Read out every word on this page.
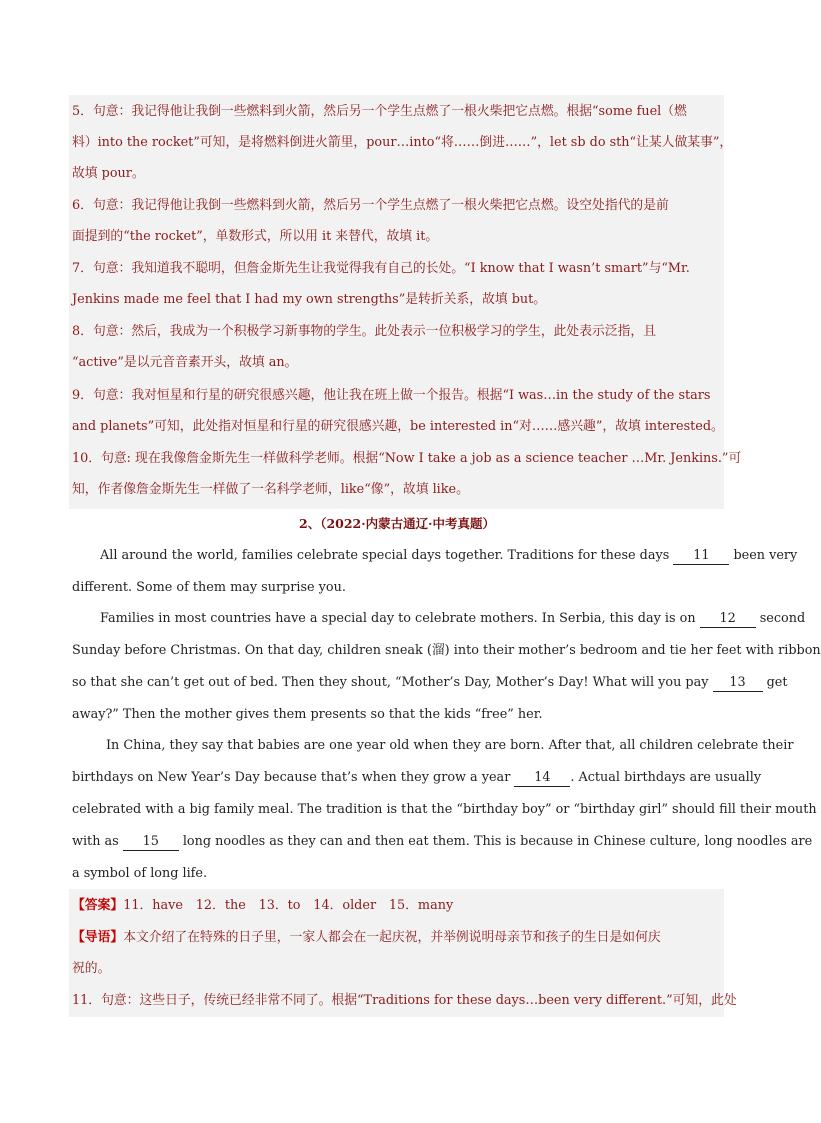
5．句意：我记得他让我倒一些燃料到火箭，然后另一个学生点燃了一根火柴把它点燃。根据“some fuel（燃
料）into the rocket”可知，是将燃料倒进火箭里，pour…into“将……倒进……”，let sb do sth“让某人做某事”，
故填 pour。
6．句意：我记得他让我倒一些燃料到火箭，然后另一个学生点燃了一根火柴把它点燃。设空处指代的是前
面提到的“the rocket”，单数形式，所以用 it 来替代，故填 it。
7．句意：我知道我不聪明，但詹金斯先生让我觉得我有自己的长处。“I know that I wasn’t smart”与“Mr.
Jenkins made me feel that I had my own strengths”是转折关系，故填 but。
8．句意：然后，我成为一个积极学习新事物的学生。此处表示一位积极学习的学生，此处表示泛指，且
“active”是以元音音素开头，故填 an。
9．句意：我对恒星和行星的研究很感兴趣，他让我在班上做一个报告。根据“I was…in the study of the stars
and planets”可知，此处指对恒星和行星的研究很感兴趣，be interested in“对……感兴趣”，故填 interested。
10．句意: 现在我像詹金斯先生一样做科学老师。根据“Now I take a job as a science teacher …Mr. Jenkins.”可
知，作者像詹金斯先生一样做了一名科学老师，like“像”，故填 like。
2、（2022·内蒙古通辽·中考真题）
All around the world, families celebrate special days together. Traditions for these days 11 been very
different. Some of them may surprise you.
Families in most countries have a special day to celebrate mothers. In Serbia, this day is on 12 second
Sunday before Christmas. On that day, children sneak (溜) into their mother’s bedroom and tie her feet with ribbon
so that she can’t get out of bed. Then they shout, “Mother’s Day, Mother’s Day! What will you pay 13 get
away?” Then the mother gives them presents so that the kids “free” her.
In China, they say that babies are one year old when they are born. After that, all children celebrate their
birthdays on New Year’s Day because that’s when they grow a year 14 . Actual birthdays are usually
celebrated with a big family meal. The tradition is that the “birthday boy” or “birthday girl” should fill their mouth
with as 15 long noodles as they can and then eat them. This is because in Chinese culture, long noodles are
a symbol of long life.
【答案】11．have　12．the　13．to　14．older　15．many
【导语】本文介绍了在特殊的日子里，一家人都会在一起庆祝，并举例说明母亲节和孩子的生日是如何庆
祝的。
11．句意：这些日子，传统已经非常不同了。根据“Traditions for these days…been very different.”可知，此处
